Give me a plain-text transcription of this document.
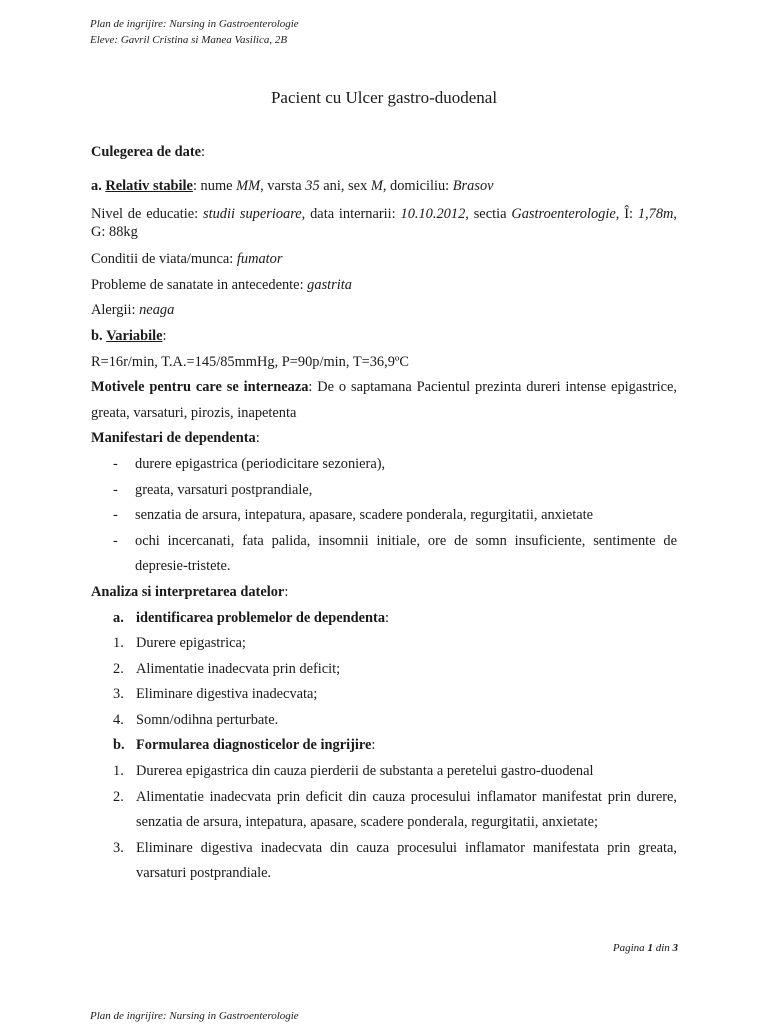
Plan de ingrijire: Nursing in Gastroenterologie
Eleve: Gavril Cristina si Manea Vasilica, 2B
Pacient cu Ulcer gastro-duodenal

Culegerea de date:

a. Relativ stabile: nume MM, varsta 35 ani, sex M, domiciliu: Brasov

Nivel de educatie: studii superioare, data internarii: 10.10.2012, sectia Gastroenterologie, Î: 1,78m, G: 88kg

Conditii de viata/munca: fumator

Probleme de sanatate in antecedente: gastrita

Alergii: neaga

b. Variabile:

R=16r/min, T.A.=145/85mmHg, P=90p/min, T=36,9ºC

Motivele pentru care se interneaza: De o saptamana Pacientul prezinta dureri intense epigastrice, greata, varsaturi, pirozis, inapetenta

Manifestari de dependenta:

- durere epigastrica (periodicitare sezoniera),
- greata, varsaturi postprandiale,
- senzatia de arsura, intepatura, apasare, scadere ponderala, regurgitatii, anxietate
- ochi incercanati, fata palida, insomnii initiale, ore de somn insuficiente, sentimente de depresie-tristete.

Analiza si interpretarea datelor:

a. identificarea problemelor de dependenta:

1. Durere epigastrica;
2. Alimentatie inadecvata prin deficit;
3. Eliminare digestiva inadecvata;
4. Somn/odihna perturbate.

b. Formularea diagnosticelor de ingrijire:

1. Durerea epigastrica din cauza pierderii de substanta a peretelui gastro-duodenal
2. Alimentatie inadecvata prin deficit din cauza procesului inflamator manifestat prin durere, senzatia de arsura, intepatura, apasare, scadere ponderala, regurgitatii, anxietate;
3. Eliminare digestiva inadecvata din cauza procesului inflamator manifestata prin greata, varsaturi postprandiale.
Pagina 1 din 3
Plan de ingrijire: Nursing in Gastroenterologie
